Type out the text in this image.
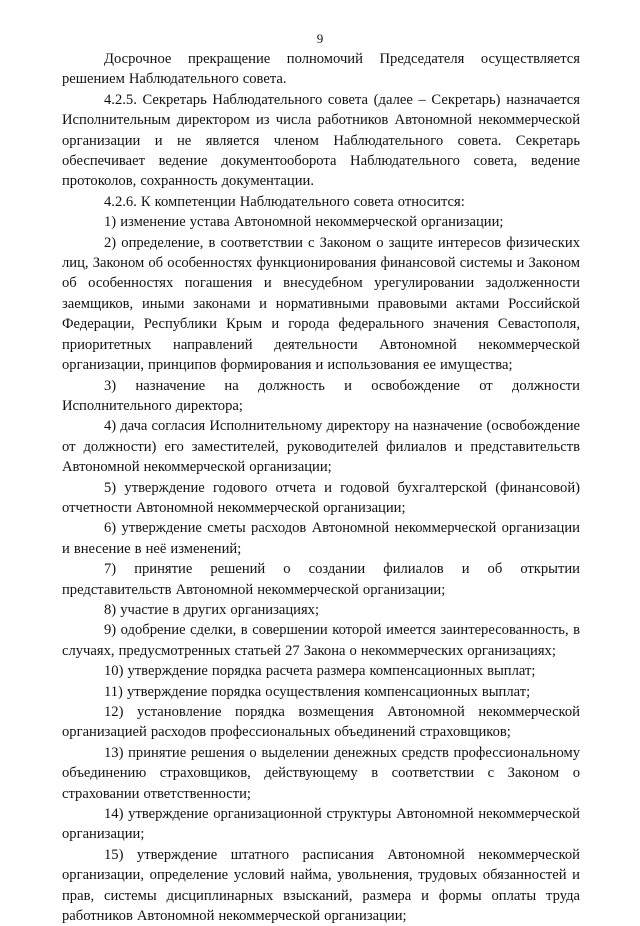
9

Досрочное прекращение полномочий Председателя осуществляется решением Наблюдательного совета.

4.2.5. Секретарь Наблюдательного совета (далее – Секретарь) назначается Исполнительным директором из числа работников Автономной некоммерческой организации и не является членом Наблюдательного совета. Секретарь обеспечивает ведение документооборота Наблюдательного совета, ведение протоколов, сохранность документации.

4.2.6. К компетенции Наблюдательного совета относится:

1) изменение устава Автономной некоммерческой организации;

2) определение, в соответствии с Законом о защите интересов физических лиц, Законом об особенностях функционирования финансовой системы и Законом об особенностях погашения и внесудебном урегулировании задолженности заемщиков, иными законами и нормативными правовыми актами Российской Федерации, Республики Крым и города федерального значения Севастополя, приоритетных направлений деятельности Автономной некоммерческой организации, принципов формирования и использования ее имущества;

3) назначение на должность и освобождение от должности Исполнительного директора;

4) дача согласия Исполнительному директору на назначение (освобождение от должности) его заместителей, руководителей филиалов и представительств Автономной некоммерческой организации;

5) утверждение годового отчета и годовой бухгалтерской (финансовой) отчетности Автономной некоммерческой организации;

6) утверждение сметы расходов Автономной некоммерческой организации и внесение в неё изменений;

7) принятие решений о создании филиалов и об открытии представительств Автономной некоммерческой организации;

8) участие в других организациях;

9) одобрение сделки, в совершении которой имеется заинтересованность, в случаях, предусмотренных статьей 27 Закона о некоммерческих организациях;

10) утверждение порядка расчета размера компенсационных выплат;

11) утверждение порядка осуществления компенсационных выплат;

12) установление порядка возмещения Автономной некоммерческой организацией расходов профессиональных объединений страховщиков;

13) принятие решения о выделении денежных средств профессиональному объединению страховщиков, действующему в соответствии с Законом о страховании ответственности;

14) утверждение организационной структуры Автономной некоммерческой организации;

15) утверждение штатного расписания Автономной некоммерческой организации, определение условий найма, увольнения, трудовых обязанностей и прав, системы дисциплинарных взысканий, размера и формы оплаты труда работников Автономной некоммерческой организации;
